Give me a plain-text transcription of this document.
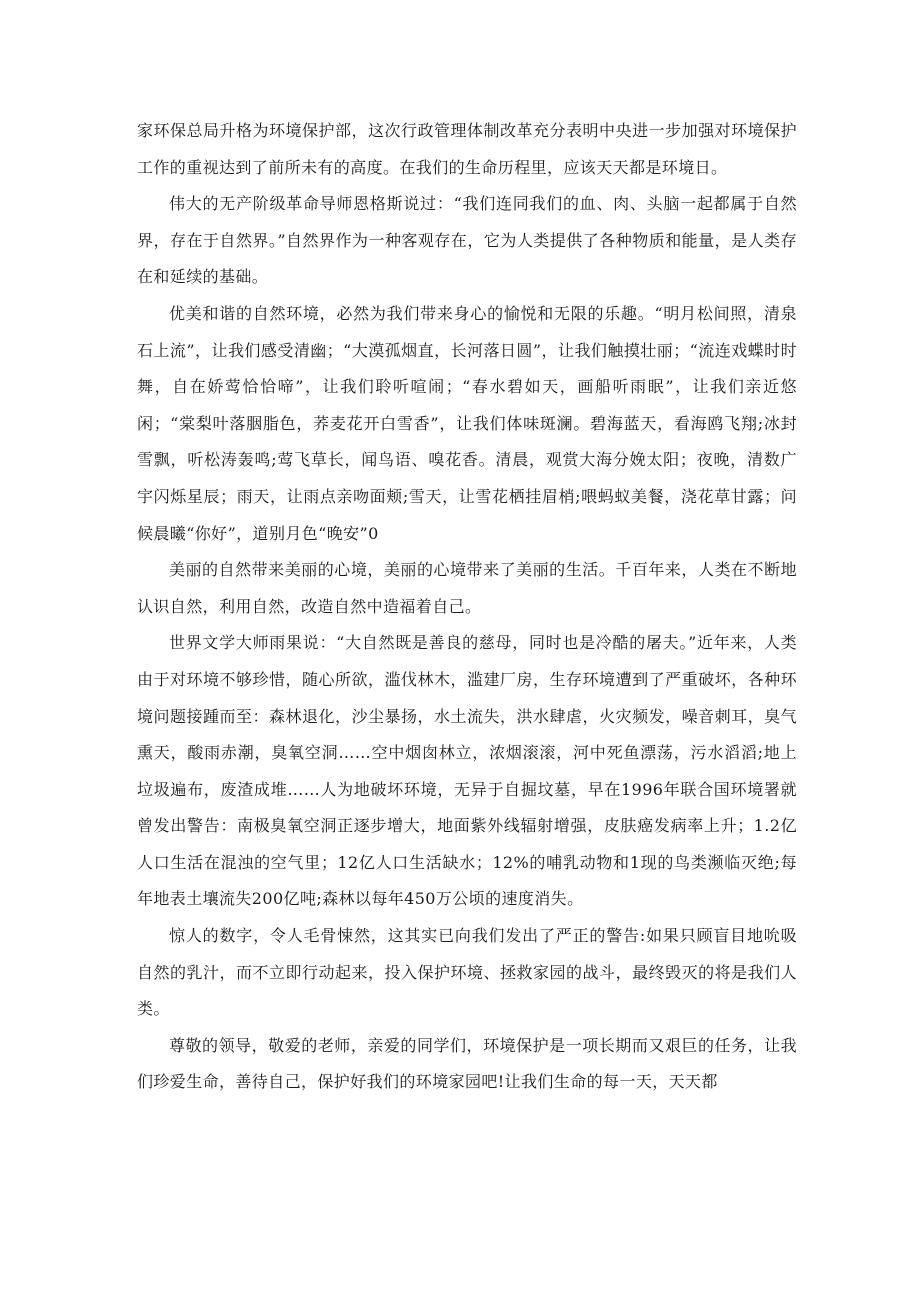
家环保总局升格为环境保护部，这次行政管理体制改革充分表明中央进一步加强对环境保护工作的重视达到了前所未有的高度。在我们的生命历程里，应该天天都是环境日。

伟大的无产阶级革命导师恩格斯说过：“我们连同我们的血、肉、头脑一起都属于自然界，存在于自然界。”自然界作为一种客观存在，它为人类提供了各种物质和能量，是人类存在和延续的基础。

优美和谐的自然环境，必然为我们带来身心的愉悦和无限的乐趣。“明月松间照，清泉石上流”，让我们感受清幽；“大漠孤烟直，长河落日圆”，让我们触摸壮丽；“流连戏蝶时时舞，自在娇莺恰恰啼”，让我们聆听喧闹；“春水碧如天，画船听雨眠”，让我们亲近悠闲；“棠梨叶落胭脂色，荞麦花开白雪香”，让我们体味斑澜。碧海蓝天，看海鸥飞翔;冰封雪飘，听松涛轰鸣;莺飞草长，闻鸟语、嗅花香。清晨，观赏大海分娩太阳；夜晚，清数广宇闪烁星辰；雨天，让雨点亲吻面颊;雪天，让雪花栖挂眉梢;喂蚂蚁美餐，浇花草甘露；问候晨曦“你好”，道别月色“晚安”0

美丽的自然带来美丽的心境，美丽的心境带来了美丽的生活。千百年来，人类在不断地认识自然，利用自然，改造自然中造福着自己。

世界文学大师雨果说：“大自然既是善良的慈母，同时也是冷酷的屠夫。”近年来，人类由于对环境不够珍惜，随心所欲，滥伐林木，滥建厂房，生存环境遭到了严重破坏，各种环境问题接踵而至：森林退化，沙尘暴扬，水土流失，洪水肆虐，火灾频发，噪音刺耳，臭气熏天，酸雨赤潮，臭氧空洞……空中烟囱林立，浓烟滚滚，河中死鱼漂荡，污水滔滔;地上垃圾遍布，废渣成堆……人为地破坏环境，无异于自掘坟墓，早在1996年联合国环境署就曾发出警告：南极臭氧空洞正逐步增大，地面紫外线辐射增强，皮肤癌发病率上升；1.2亿人口生活在混浊的空气里；12亿人口生活缺水；12%的哺乳动物和1现的鸟类濒临灭绝;每年地表土壤流失200亿吨;森林以每年450万公顷的速度消失。

惊人的数字，令人毛骨悚然，这其实已向我们发出了严正的警告:如果只顾盲目地吮吸自然的乳汁，而不立即行动起来，投入保护环境、拯救家园的战斗，最终毁灭的将是我们人类。

尊敬的领导，敬爱的老师，亲爱的同学们，环境保护是一项长期而又艰巨的任务，让我们珍爱生命，善待自己，保护好我们的环境家园吧!让我们生命的每一天，天天都
